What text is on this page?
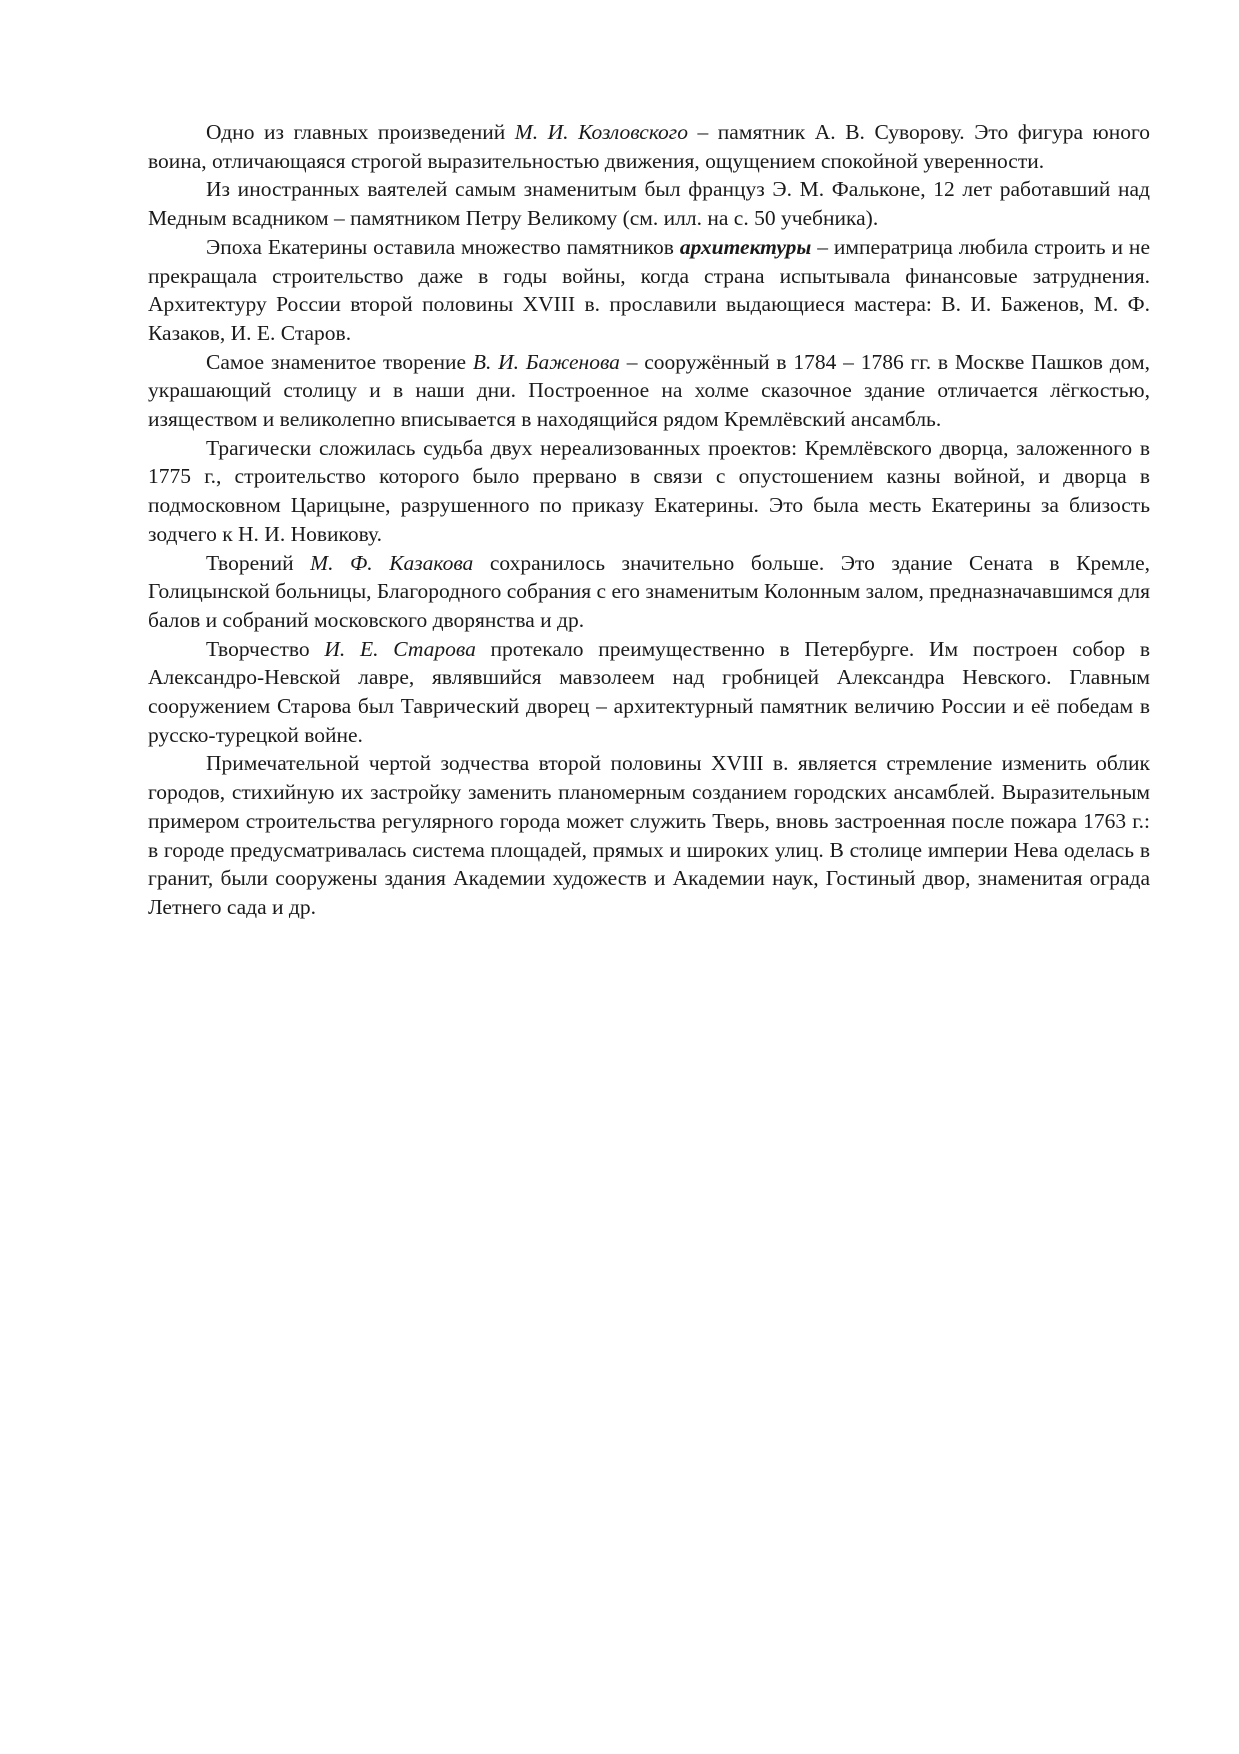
Одно из главных произведений М. И. Козловского – памятник А. В. Суворову. Это фигура юного воина, отличающаяся строгой выразительностью движения, ощущением спокойной уверенности.

Из иностранных ваятелей самым знаменитым был француз Э. М. Фальконе, 12 лет работавший над Медным всадником – памятником Петру Великому (см. илл. на с. 50 учебника).

Эпоха Екатерины оставила множество памятников архитектуры – императрица любила строить и не прекращала строительство даже в годы войны, когда страна испытывала финансовые затруднения. Архитектуру России второй половины XVIII в. прославили выдающиеся мастера: В. И. Баженов, М. Ф. Казаков, И. Е. Старов.

Самое знаменитое творение В. И. Баженова – сооружённый в 1784 – 1786 гг. в Москве Пашков дом, украшающий столицу и в наши дни. Построенное на холме сказочное здание отличается лёгкостью, изяществом и великолепно вписывается в находящийся рядом Кремлёвский ансамбль.

Трагически сложилась судьба двух нереализованных проектов: Кремлёвского дворца, заложенного в 1775 г., строительство которого было прервано в связи с опустошением казны войной, и дворца в подмосковном Царицыне, разрушенного по приказу Екатерины. Это была месть Екатерины за близость зодчего к Н. И. Новикову.

Творений М. Ф. Казакова сохранилось значительно больше. Это здание Сената в Кремле, Голицынской больницы, Благородного собрания с его знаменитым Колонным залом, предназначавшимся для балов и собраний московского дворянства и др.

Творчество И. Е. Старова протекало преимущественно в Петербурге. Им построен собор в Александро-Невской лавре, являвшийся мавзолеем над гробницей Александра Невского. Главным сооружением Старова был Таврический дворец – архитектурный памятник величию России и её победам в русско-турецкой войне.

Примечательной чертой зодчества второй половины XVIII в. является стремление изменить облик городов, стихийную их застройку заменить планомерным созданием городских ансамблей. Выразительным примером строительства регулярного города может служить Тверь, вновь застроенная после пожара 1763 г.: в городе предусматривалась система площадей, прямых и широких улиц. В столице империи Нева оделась в гранит, были сооружены здания Академии художеств и Академии наук, Гостиный двор, знаменитая ограда Летнего сада и др.
